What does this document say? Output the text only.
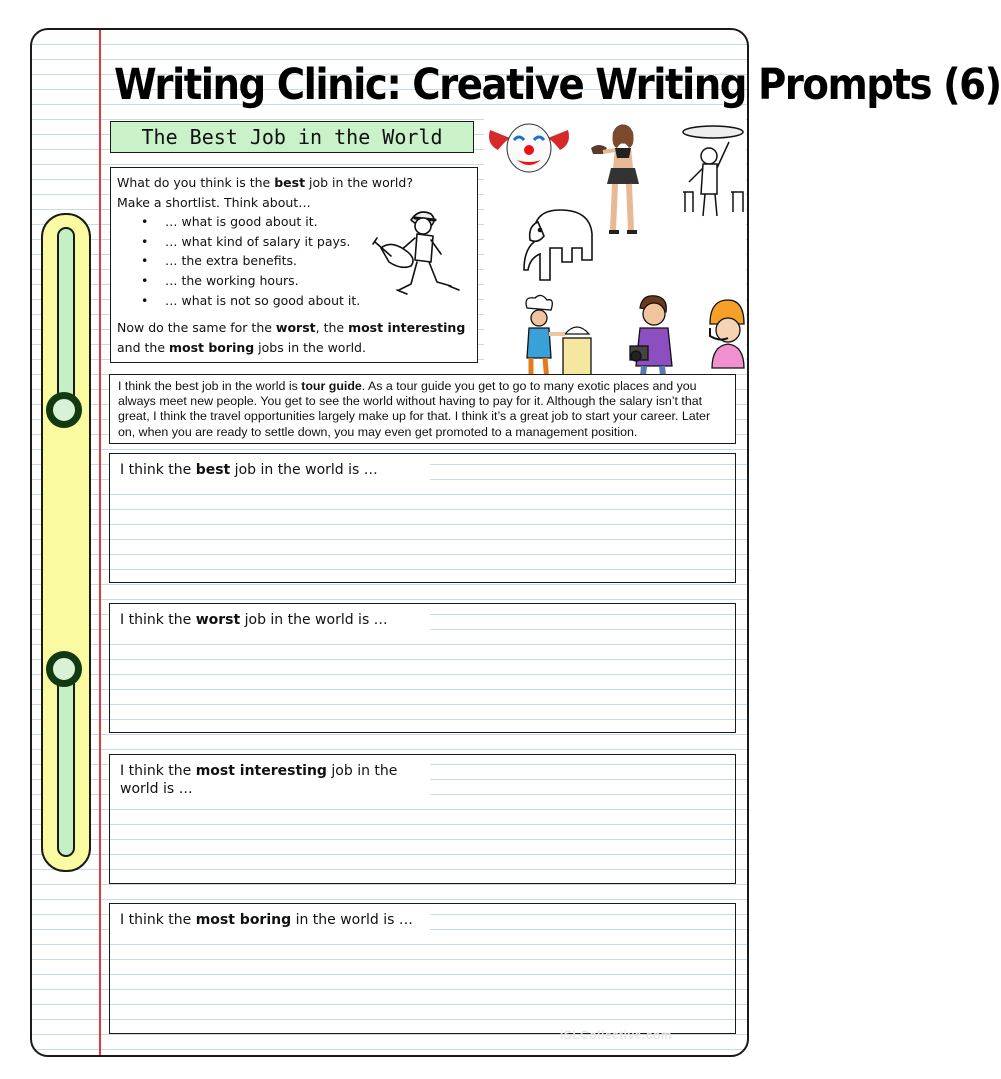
Writing Clinic: Creative Writing Prompts (6)
The Best Job in the World

What do you think is the best job in the world?

Make a shortlist. Think about…

• … what is good about it.
• … what kind of salary it pays.
• … the extra benefits.
• … the working hours.
• … what is not so good about it.

Now do the same for the worst, the most interesting and the most boring jobs in the world.

I think the best job in the world is tour guide. As a tour guide you get to go to many exotic places and you always meet new people. You get to see the world without having to pay for it. Although the salary isn’t that great, I think the travel opportunities largely make up for that. I think it’s a great job to start your career. Later on, when you are ready to settle down, you may even get promoted to a management position.

I think the best job in the world is …

I think the worst job in the world is …

I think the most interesting job in the world is …

I think the most boring in the world is …

iSLCollective.com
